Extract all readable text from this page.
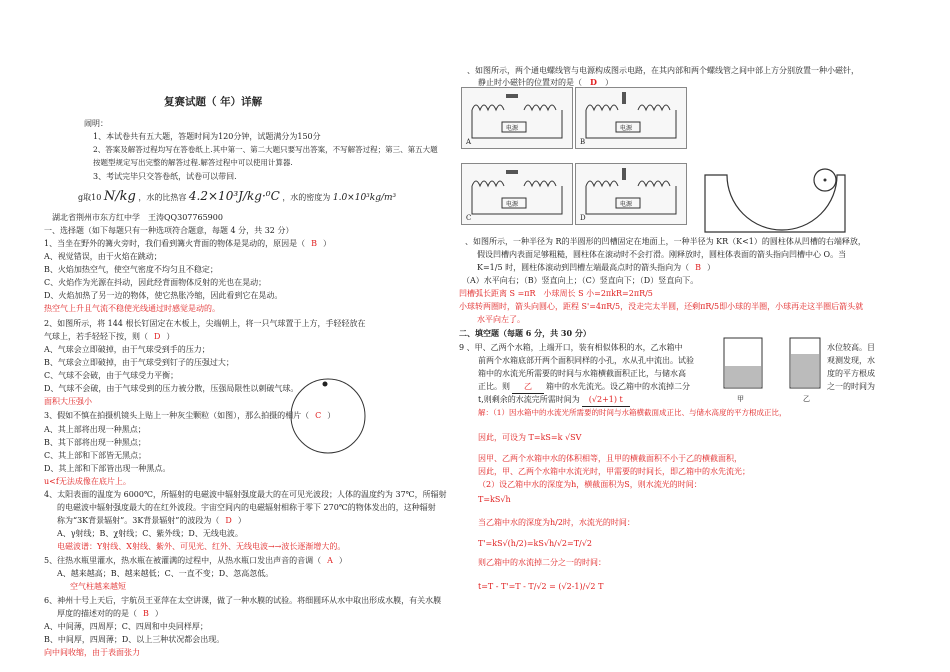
复赛试题（ 年）详解
闹明：
1、本试卷共有五大题，答题时间为120分钟，试题满分为150分
2、答案及解答过程均写在答卷纸上.其中第一、第二大题只要写出答案，不写解答过程；第三、第五大题
按题型规定写出完整的解答过程.解答过程中可以使用计算器.
3、考试完毕只交答卷纸，试卷可以带回.
g取10 N/kg ，水的比热容 4.2×10³J/kg·⁰C ，水的密度为 1.0×10³kg/m³
湖北省荆州市东方红中学　王涛QQ307765900
一、选择题（如下每题只有一种选项符合题意，每题 4 分，共 32 分）
1、当坐在野外的篝火旁时，我们看到篝火背面的物体是晃动的，原因是（ B ）
A、视觉错误，由于火焰在跳动；
B、火焰加热空气，使空气密度不均匀且不稳定；
C、火焰作为光源在抖动，因此经背面物体反射的光也在晃动；
D、火焰加热了另一边的物体，使它热胀冷缩，因此看到它在晃动。
热空气上升且气流不稳使光线通过时感觉是动的。
2、如图所示，将 144 根长钉固定在木板上，尖端朝上，将一只气球置于上方，手轻轻放在
气球上，若手轻轻下按，则（ D ）
A、气球会立即破掉，由于气球受到手的压力；
B、气球会立即破掉，由于气球受到钉子的压强过大；
C、气球不会破，由于气球受力平衡；
D、气球不会破，由于气球受到的压力被分散，压强局限性以刺破气球。
面积大压强小
3、假如不慎在拍摄机镜头上贴上一种灰尘颗粒（如图），那么拍摄的相片（ C ）
A、其上部将出现一种黑点；
B、其下部将出现一种黑点；
C、其上部和下部皆无黑点；
D、其上部和下部皆出现一种黑点。
u<f无法成像在底片上。
4、太阳表面的温度为 6000℃，所辐射的电磁波中辐射强度最大的在可见光波段；人体的温度约为 37℃，所辐射
的电磁波中辐射强度最大的在红外波段。宇宙空间内的电磁辐射相称于零下 270℃的物体发出的，这种辐射
称为“3K背景辐射”。3K背景辐射”的波段为（ D ）
A、γ射线；B、χ射线；C、紫外线；D、无线电波。
电磁波谱：Y射线、X射线、紫外、可见光、红外、无线电波→→波长逐渐增大的。
5、往热水瓶里灌水，热水瓶在被灌满的过程中，从热水瓶口发出声音的音调（ A ）
A、越来越高；B、越来越低；C、一直不变；D、忽高忽低。
空气柱越来越短
6、神州十号上天后，宇航员王亚萍在太空讲课，做了一种水膜的试验。将细圆环从水中取出形成水膜，有关水膜
厚度的描述对的的是（ B ）
A、中间薄，四周厚；C、四周和中央同样厚；
B、中间厚，四周薄；D、以上三种状况都会出现。
向中间收缩，由于表面张力
、如图所示，两个通电螺线管与电源构成图示电路，在其内部和两个螺线管之间中部上方分别放置一种小磁针，
静止时小磁针的位置对的是（ D ）
电源
A
电源
B
电源
C
电源
D
、如图所示，一种半径为 R的半圆形的凹槽固定在地面上，一种半径为 KR（K<1）的圆柱体从凹槽的右端释放，
假设凹槽内表面足够粗糙，圆柱体在滚动时不会打滑。刚释放时，圆柱体表面的箭头指向凹槽中心 O。当
K=1/5 时，圆柱体滚动到凹槽左端最高点时的箭头指向为（ B ）
（A）水平向右；（B）竖直向上；（C）竖直向下；（D）竖直向下。
凹槽弧长距离 S =πR　小球周长 S 小=2πkR=2πR/5
小球转两圈时，箭头向圆心，距程 S'=4πR/5，没走完太半圆，还剩πR/5即小球的半圈，小球再走这半圈后箭头就
水平向左了。
二、填空题（每题 6 分，共 30 分）
9 、甲、乙两个水箱，上端开口，装有相似体积的水，乙水箱中
前两个水箱底部开两个面积同样的小孔，水从孔中流出。试验
箱中的水流光所需要的时间与水箱横截面积正比，与储水高
正比。则 乙 箱中的水先流光。设乙箱中的水流掉二分
t,则剩余的水流完所需时间为 (√2+1) t	甲	乙
水位较高。目
观测发现，水
度的平方根成
之一的时间为
解：（1）因水箱中的水流光所需要的时间与水箱横截面成正比、与储水高度的平方根成正比，
因此，可设为 T=kS=k √SV
因甲、乙两个水箱中水的体积相等，且甲的横截面积不小于乙的横截面积，
因此，甲、乙两个水箱中水流光时，甲需要的时间长，即乙箱中的水先流光；
（2）设乙箱中水的深度为h，横截面积为S，则水流光的时间：
T=kS√h
当乙箱中水的深度为h/2时，水流光的时间：
T'=kS√(h/2)=kS√h/√2=T/√2
则乙箱中的水流掉二分之一的时间：
t=T - T'=T - T/√2 = (√2-1)/√2 T
